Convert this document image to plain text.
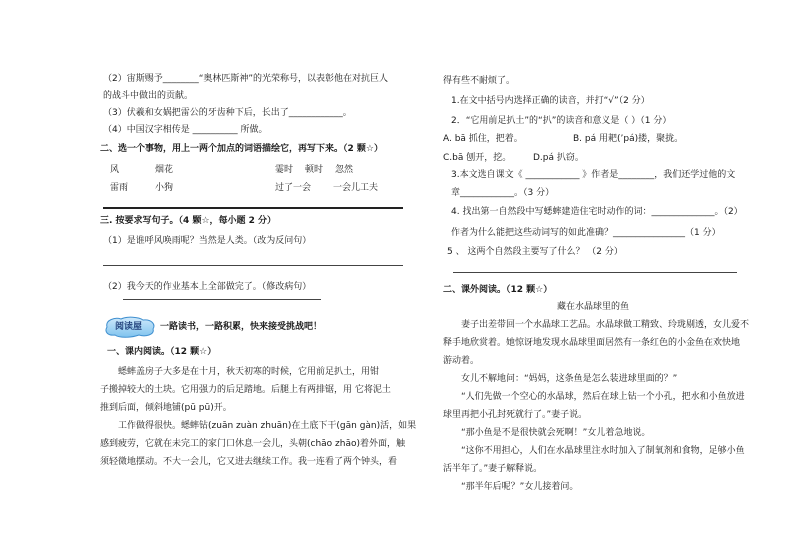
（2）宙斯赐予________“奥林匹斯神”的光荣称号，以表彰他在对抗巨人
的战斗中做出的贡献。
（3）伏羲和女娲把雷公的牙齿种下后，长出了____________。
（4）中国汉字相传是 __________ 所做。
二、选一个事物，用上一两个加点的词语描绘它，再写下来。（2 颗☆）
风	烟花	霎时 顿时 忽然
雷雨	小狗	过了一会 一会儿工夫
三. 按要求写句子。（4 颗☆，每小题 2 分）
（1）是谁呼风唤雨呢？当然是人类。（改为反问句）
（2）我今天的作业基本上全部做完了。（修改病句）
阅读屋 一路读书，一路积累，快来接受挑战吧！
一、课内阅读。（12 颗☆）
蟋蟀盖房子大多是在十月，秋天初寒的时候，它用前足扒土，用钳
子搬掉较大的土块。它用强力的后足踏地。后腿上有两排锯，用 它将泥土
推到后面，倾斜地铺(pū pū)开。
工作做得很快。蟋蟀钻(zuān zuàn zhuān)在土底下干(gān gàn)活，如果
感到疲劳，它就在未完工的家门口休息一会儿，头朝(chāo zhāo)着外面，触
须轻微地摆动。不大一会儿，它又进去继续工作。我一连看了两个钟头，看
得有些不耐烦了。
1.在文中括号内选择正确的读音，并打“√”（2 分）
2．“它用前足扒土”的“扒”的读音和意义是（ ）（1 分）
A. bā 抓住，把着。	B. pá 用耙(’pá)搂，聚拢。
C.bā 刨开，挖。 D.pá 扒窃。
3.本文选自课文《 ____________ 》作者是________，我们还学过他的文
章____________。（3 分）
4. 找出第一自然段中写蟋蟀建造住宅时动作的词：______________。（2）
作者为什么能把这些动词写的如此准确？________________（1 分）
5 、 这两个自然段主要写了什么？ （2 分）
二、课外阅读。（12 颗☆）
藏在水晶球里的鱼
妻子出差带回一个水晶球工艺品。水晶球做工精致、玲珑剔透，女儿爱不
释手地欣赏着。她惊讶地发现水晶球里面居然有一条红色的小金鱼在欢快地
游动着。
女儿不解地问：“妈妈，这条鱼是怎么装进球里面的？”
“人们先做一个空心的水晶球，然后在球上钻一个小孔，把水和小鱼放进
球里再把小孔封死就行了。”妻子说。
“那小鱼是不是很快就会死啊！”女儿着急地说。
“这你不用担心，人们在水晶球里注水时加入了制氧剂和食物，足够小鱼
活半年了。”妻子解释说。
“那半年后呢？”女儿接着问。
